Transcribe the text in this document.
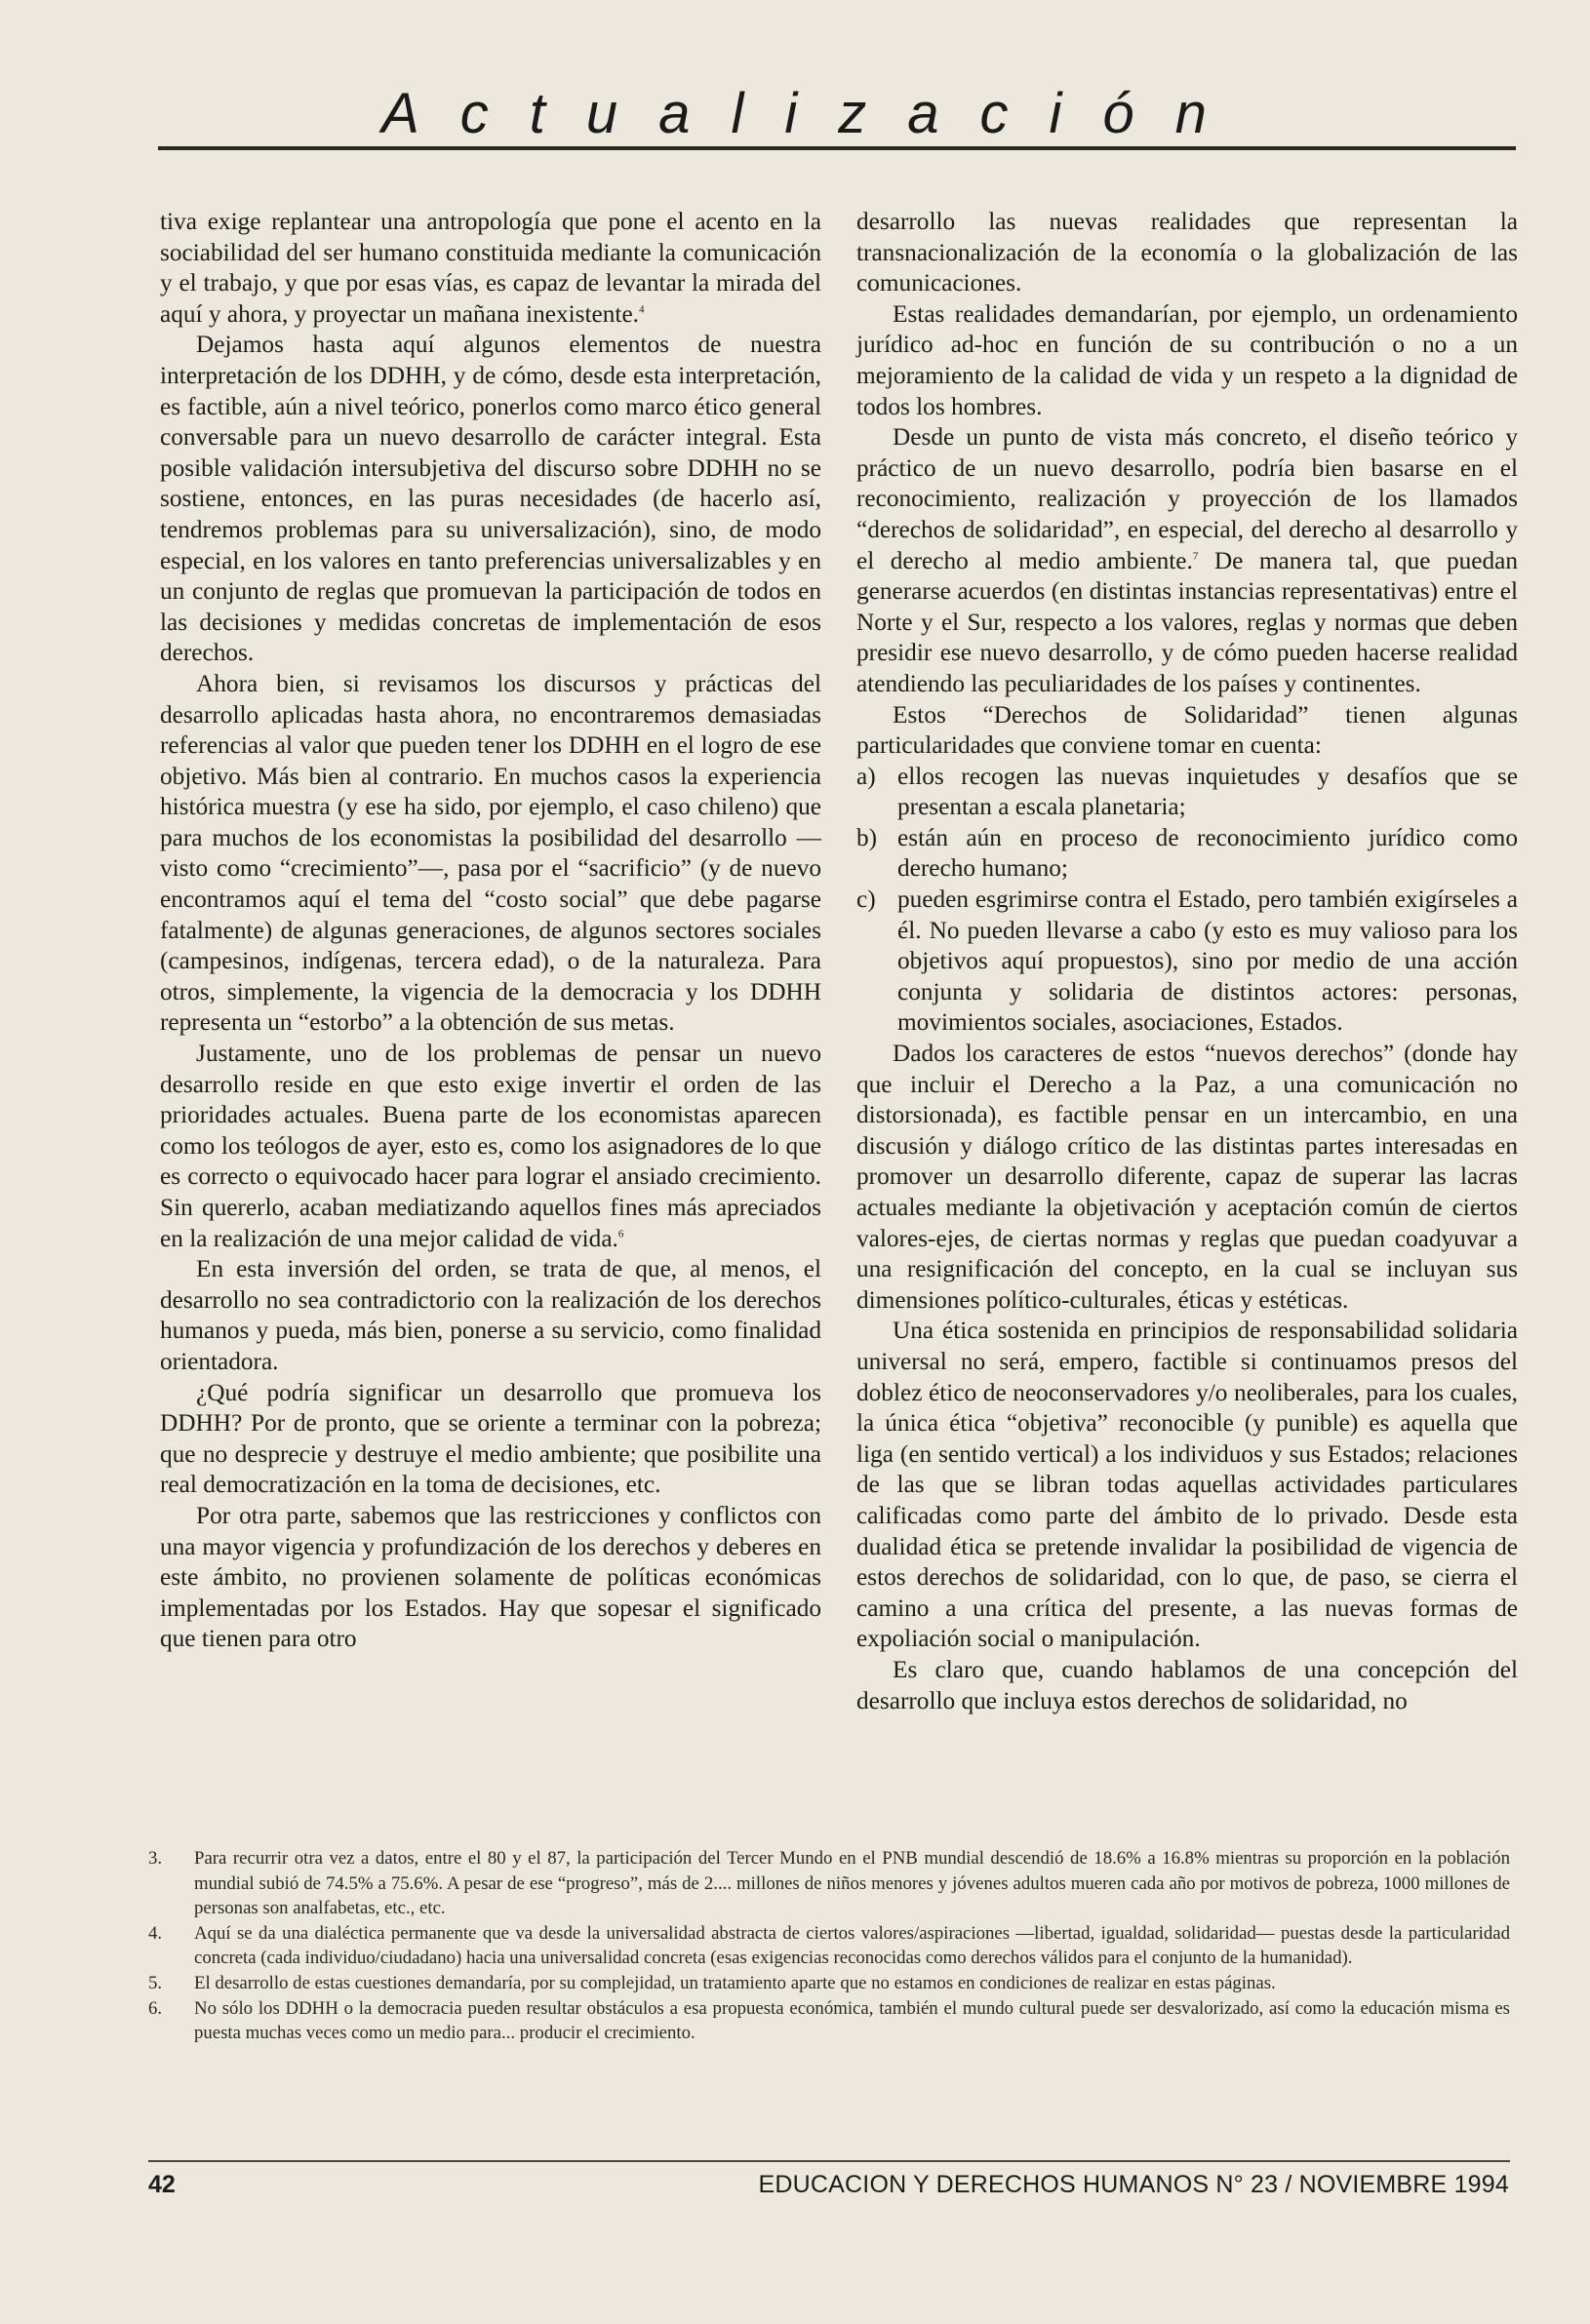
Actualización

tiva exige replantear una antropología que pone el acento en la sociabilidad del ser humano constituida mediante la comunicación y el trabajo, y que por esas vías, es capaz de levantar la mirada del aquí y ahora, y proyectar un mañana inexistente.$^4$

Dejamos hasta aquí algunos elementos de nuestra interpretación de los DDHH, y de cómo, desde esta interpretación, es factible, aún a nivel teórico, ponerlos como marco ético general conversable para un nuevo desarrollo de carácter integral. Esta posible validación intersubjetiva del discurso sobre DDHH no se sostiene, entonces, en las puras necesidades (de hacerlo así, tendremos problemas para su universalización), sino, de modo especial, en los valores en tanto preferencias universalizables y en un conjunto de reglas que promuevan la participación de todos en las decisiones y medidas concretas de implementación de esos derechos.

Ahora bien, si revisamos los discursos y prácticas del desarrollo aplicadas hasta ahora, no encontraremos demasiadas referencias al valor que pueden tener los DDHH en el logro de ese objetivo. Más bien al contrario. En muchos casos la experiencia histórica muestra (y ese ha sido, por ejemplo, el caso chileno) que para muchos de los economistas la posibilidad del desarrollo —visto como “crecimiento”—, pasa por el “sacrificio” (y de nuevo encontramos aquí el tema del “costo social” que debe pagarse fatalmente) de algunas generaciones, de algunos sectores sociales (campesinos, indígenas, tercera edad), o de la naturaleza. Para otros, simplemente, la vigencia de la democracia y los DDHH representa un “estorbo” a la obtención de sus metas.

Justamente, uno de los problemas de pensar un nuevo desarrollo reside en que esto exige invertir el orden de las prioridades actuales. Buena parte de los economistas aparecen como los teólogos de ayer, esto es, como los asignadores de lo que es correcto o equivocado hacer para lograr el ansiado crecimiento. Sin quererlo, acaban mediatizando aquellos fines más apreciados en la realización de una mejor calidad de vida.$^6$

En esta inversión del orden, se trata de que, al menos, el desarrollo no sea contradictorio con la realización de los derechos humanos y pueda, más bien, ponerse a su servicio, como finalidad orientadora.

¿Qué podría significar un desarrollo que promueva los DDHH? Por de pronto, que se oriente a terminar con la pobreza; que no desprecie y destruye el medio ambiente; que posibilite una real democratización en la toma de decisiones, etc.

Por otra parte, sabemos que las restricciones y conflictos con una mayor vigencia y profundización de los derechos y deberes en este ámbito, no provienen solamente de políticas económicas implementadas por los Estados. Hay que sopesar el significado que tienen para otro

desarrollo las nuevas realidades que representan la transnacionalización de la economía o la globalización de las comunicaciones.

Estas realidades demandarían, por ejemplo, un ordenamiento jurídico ad-hoc en función de su contribución o no a un mejoramiento de la calidad de vida y un respeto a la dignidad de todos los hombres.

Desde un punto de vista más concreto, el diseño teórico y práctico de un nuevo desarrollo, podría bien basarse en el reconocimiento, realización y proyección de los llamados “derechos de solidaridad”, en especial, del derecho al desarrollo y el derecho al medio ambiente.$^7$ De manera tal, que puedan generarse acuerdos (en distintas instancias representativas) entre el Norte y el Sur, respecto a los valores, reglas y normas que deben presidir ese nuevo desarrollo, y de cómo pueden hacerse realidad atendiendo las peculiaridades de los países y continentes.

Estos “Derechos de Solidaridad” tienen algunas particularidades que conviene tomar en cuenta:

a) ellos recogen las nuevas inquietudes y desafíos que se presentan a escala planetaria;
b) están aún en proceso de reconocimiento jurídico como derecho humano;
c) pueden esgrimirse contra el Estado, pero también exigírseles a él. No pueden llevarse a cabo (y esto es muy valioso para los objetivos aquí propuestos), sino por medio de una acción conjunta y solidaria de distintos actores: personas, movimientos sociales, asociaciones, Estados.

Dados los caracteres de estos “nuevos derechos” (donde hay que incluir el Derecho a la Paz, a una comunicación no distorsionada), es factible pensar en un intercambio, en una discusión y diálogo crítico de las distintas partes interesadas en promover un desarrollo diferente, capaz de superar las lacras actuales mediante la objetivación y aceptación común de ciertos valores-ejes, de ciertas normas y reglas que puedan coadyuvar a una resignificación del concepto, en la cual se incluyan sus dimensiones político-culturales, éticas y estéticas.

Una ética sostenida en principios de responsabilidad solidaria universal no será, empero, factible si continuamos presos del doblez ético de neoconservadores y/o neoliberales, para los cuales, la única ética “objetiva” reconocible (y punible) es aquella que liga (en sentido vertical) a los individuos y sus Estados; relaciones de las que se libran todas aquellas actividades particulares calificadas como parte del ámbito de lo privado. Desde esta dualidad ética se pretende invalidar la posibilidad de vigencia de estos derechos de solidaridad, con lo que, de paso, se cierra el camino a una crítica del presente, a las nuevas formas de expoliación social o manipulación.

Es claro que, cuando hablamos de una concepción del desarrollo que incluya estos derechos de solidaridad, no

3. Para recurrir otra vez a datos, entre el 80 y el 87, la participación del Tercer Mundo en el PNB mundial descendió de 18.6% a 16.8% mientras su proporción en la población mundial subió de 74.5% a 75.6%. A pesar de ese “progreso”, más de 2.... millones de niños menores y jóvenes adultos mueren cada año por motivos de pobreza, 1000 millones de personas son analfabetas, etc., etc.
4. Aquí se da una dialéctica permanente que va desde la universalidad abstracta de ciertos valores/aspiraciones —libertad, igualdad, solidaridad— puestas desde la particularidad concreta (cada individuo/ciudadano) hacia una universalidad concreta (esas exigencias reconocidas como derechos válidos para el conjunto de la humanidad).
5. El desarrollo de estas cuestiones demandaría, por su complejidad, un tratamiento aparte que no estamos en condiciones de realizar en estas páginas.
6. No sólo los DDHH o la democracia pueden resultar obstáculos a esa propuesta económica, también el mundo cultural puede ser desvalorizado, así como la educación misma es puesta muchas veces como un medio para... producir el crecimiento.
42	EDUCACION Y DERECHOS HUMANOS N° 23 / NOVIEMBRE 1994
